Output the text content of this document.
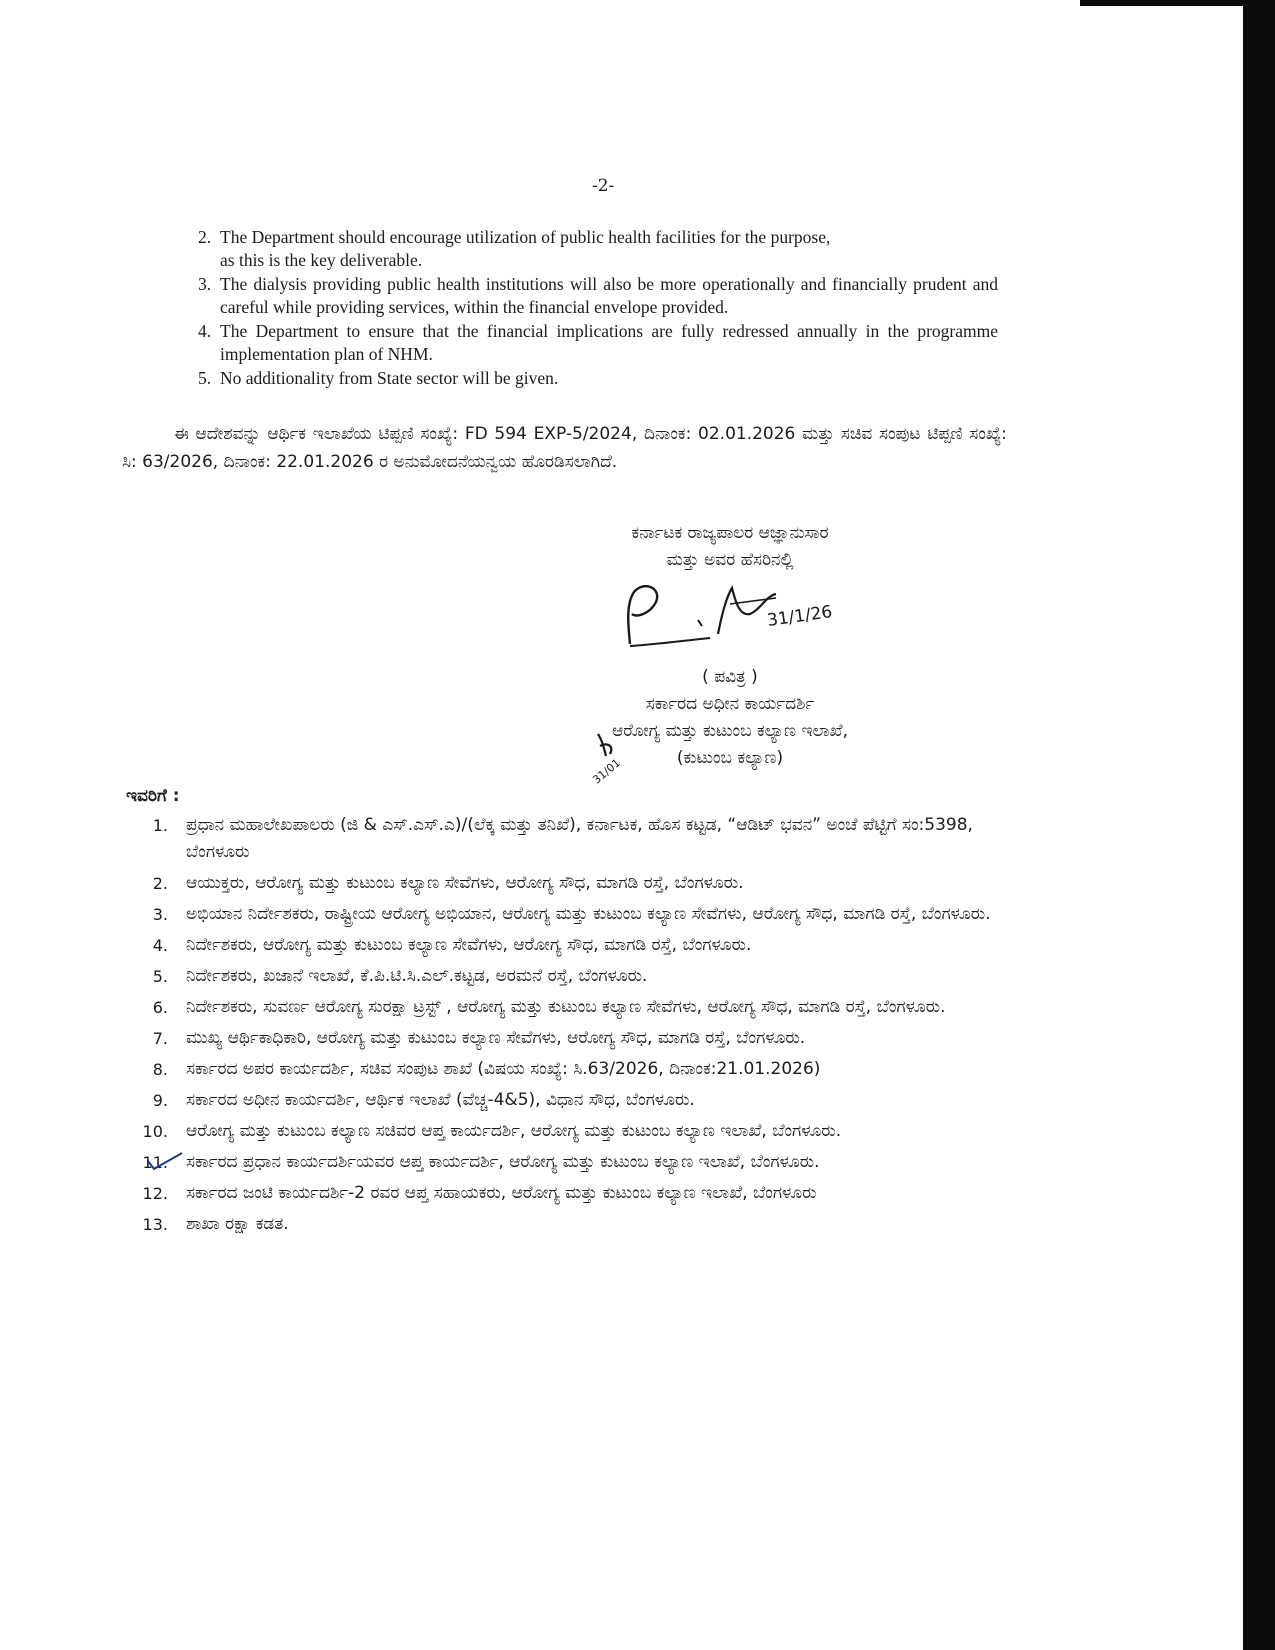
-2-
2. The Department should encourage utilization of public health facilities for the purpose, as this is the key deliverable.
3. The dialysis providing public health institutions will also be more operationally and financially prudent and careful while providing services, within the financial envelope provided.
4. The Department to ensure that the financial implications are fully redressed annually in the programme implementation plan of NHM.
5. No additionality from State sector will be given.
ಈ ಆದೇಶವನ್ನು ಆರ್ಥಿಕ ಇಲಾಖೆಯ ಟಿಪ್ಪಣಿ ಸಂಖ್ಯೆ: FD 594 EXP-5/2024, ದಿನಾಂಕ: 02.01.2026 ಮತ್ತು ಸಚಿವ ಸಂಪುಟ ಟಿಪ್ಪಣಿ ಸಂಖ್ಯೆ: ಸಿ: 63/2026, ದಿನಾಂಕ: 22.01.2026 ರ ಅನುಮೋದನೆಯನ್ವಯ ಹೊರಡಿಸಲಾಗಿದೆ.
ಕರ್ನಾಟಕ ರಾಜ್ಯಪಾಲರ ಆಜ್ಞಾನುಸಾರ
ಮತ್ತು ಅವರ ಹೆಸರಿನಲ್ಲಿ
31/1/26
( ಪವಿತ್ರ )
ಸರ್ಕಾರದ ಅಧೀನ ಕಾರ್ಯದರ್ಶಿ
ಆರೋಗ್ಯ ಮತ್ತು ಕುಟುಂಬ ಕಲ್ಯಾಣ ಇಲಾಖೆ,
(ಕುಟುಂಬ ಕಲ್ಯಾಣ)
31/01
ಇವರಿಗೆ :
1.	ಪ್ರಧಾನ ಮಹಾಲೇಖಪಾಲರು (ಜಿ & ಎಸ್.ಎಸ್.ಎ)/(ಲೆಕ್ಕ ಮತ್ತು ತನಿಖೆ), ಕರ್ನಾಟಕ, ಹೊಸ ಕಟ್ಟಡ, “ಆಡಿಟ್ ಭವನ” ಅಂಚೆ ಪೆಟ್ಟಿಗೆ ಸಂ:5398, ಬೆಂಗಳೂರು
2.	ಆಯುಕ್ತರು, ಆರೋಗ್ಯ ಮತ್ತು ಕುಟುಂಬ ಕಲ್ಯಾಣ ಸೇವೆಗಳು, ಆರೋಗ್ಯ ಸೌಧ, ಮಾಗಡಿ ರಸ್ತೆ, ಬೆಂಗಳೂರು.
3.	ಅಭಿಯಾನ ನಿರ್ದೇಶಕರು, ರಾಷ್ಟ್ರೀಯ ಆರೋಗ್ಯ ಅಭಿಯಾನ, ಆರೋಗ್ಯ ಮತ್ತು ಕುಟುಂಬ ಕಲ್ಯಾಣ ಸೇವೆಗಳು, ಆರೋಗ್ಯ ಸೌಧ, ಮಾಗಡಿ ರಸ್ತೆ, ಬೆಂಗಳೂರು.
4.	ನಿರ್ದೇಶಕರು, ಆರೋಗ್ಯ ಮತ್ತು ಕುಟುಂಬ ಕಲ್ಯಾಣ ಸೇವೆಗಳು, ಆರೋಗ್ಯ ಸೌಧ, ಮಾಗಡಿ ರಸ್ತೆ, ಬೆಂಗಳೂರು.
5.	ನಿರ್ದೇಶಕರು, ಖಜಾನೆ ಇಲಾಖೆ, ಕೆ.ಪಿ.ಟಿ.ಸಿ.ಎಲ್.ಕಟ್ಟಡ, ಅರಮನೆ ರಸ್ತೆ, ಬೆಂಗಳೂರು.
6.	ನಿರ್ದೇಶಕರು, ಸುವರ್ಣ ಆರೋಗ್ಯ ಸುರಕ್ಷಾ ಟ್ರಸ್ಟ್ , ಆರೋಗ್ಯ ಮತ್ತು ಕುಟುಂಬ ಕಲ್ಯಾಣ ಸೇವೆಗಳು, ಆರೋಗ್ಯ ಸೌಧ, ಮಾಗಡಿ ರಸ್ತೆ, ಬೆಂಗಳೂರು.
7.	ಮುಖ್ಯ ಆರ್ಥಿಕಾಧಿಕಾರಿ, ಆರೋಗ್ಯ ಮತ್ತು ಕುಟುಂಬ ಕಲ್ಯಾಣ ಸೇವೆಗಳು, ಆರೋಗ್ಯ ಸೌಧ, ಮಾಗಡಿ ರಸ್ತೆ, ಬೆಂಗಳೂರು.
8.	ಸರ್ಕಾರದ ಅಪರ ಕಾರ್ಯದರ್ಶಿ, ಸಚಿವ ಸಂಪುಟ ಶಾಖೆ (ವಿಷಯ ಸಂಖ್ಯೆ: ಸಿ.63/2026, ದಿನಾಂಕ:21.01.2026)
9.	ಸರ್ಕಾರದ ಅಧೀನ ಕಾರ್ಯದರ್ಶಿ, ಆರ್ಥಿಕ ಇಲಾಖೆ (ವೆಚ್ಚ-4&5), ವಿಧಾನ ಸೌಧ, ಬೆಂಗಳೂರು.
10.	ಆರೋಗ್ಯ ಮತ್ತು ಕುಟುಂಬ ಕಲ್ಯಾಣ ಸಚಿವರ ಆಪ್ತ ಕಾರ್ಯದರ್ಶಿ, ಆರೋಗ್ಯ ಮತ್ತು ಕುಟುಂಬ ಕಲ್ಯಾಣ ಇಲಾಖೆ, ಬೆಂಗಳೂರು.
11.	ಸರ್ಕಾರದ ಪ್ರಧಾನ ಕಾರ್ಯದರ್ಶಿಯವರ ಆಪ್ತ ಕಾರ್ಯದರ್ಶಿ, ಆರೋಗ್ಯ ಮತ್ತು ಕುಟುಂಬ ಕಲ್ಯಾಣ ಇಲಾಖೆ, ಬೆಂಗಳೂರು.
12.	ಸರ್ಕಾರದ ಜಂಟಿ ಕಾರ್ಯದರ್ಶಿ-2 ರವರ ಆಪ್ತ ಸಹಾಯಕರು, ಆರೋಗ್ಯ ಮತ್ತು ಕುಟುಂಬ ಕಲ್ಯಾಣ ಇಲಾಖೆ, ಬೆಂಗಳೂರು
13.	ಶಾಖಾ ರಕ್ಷಾ ಕಡತ.
